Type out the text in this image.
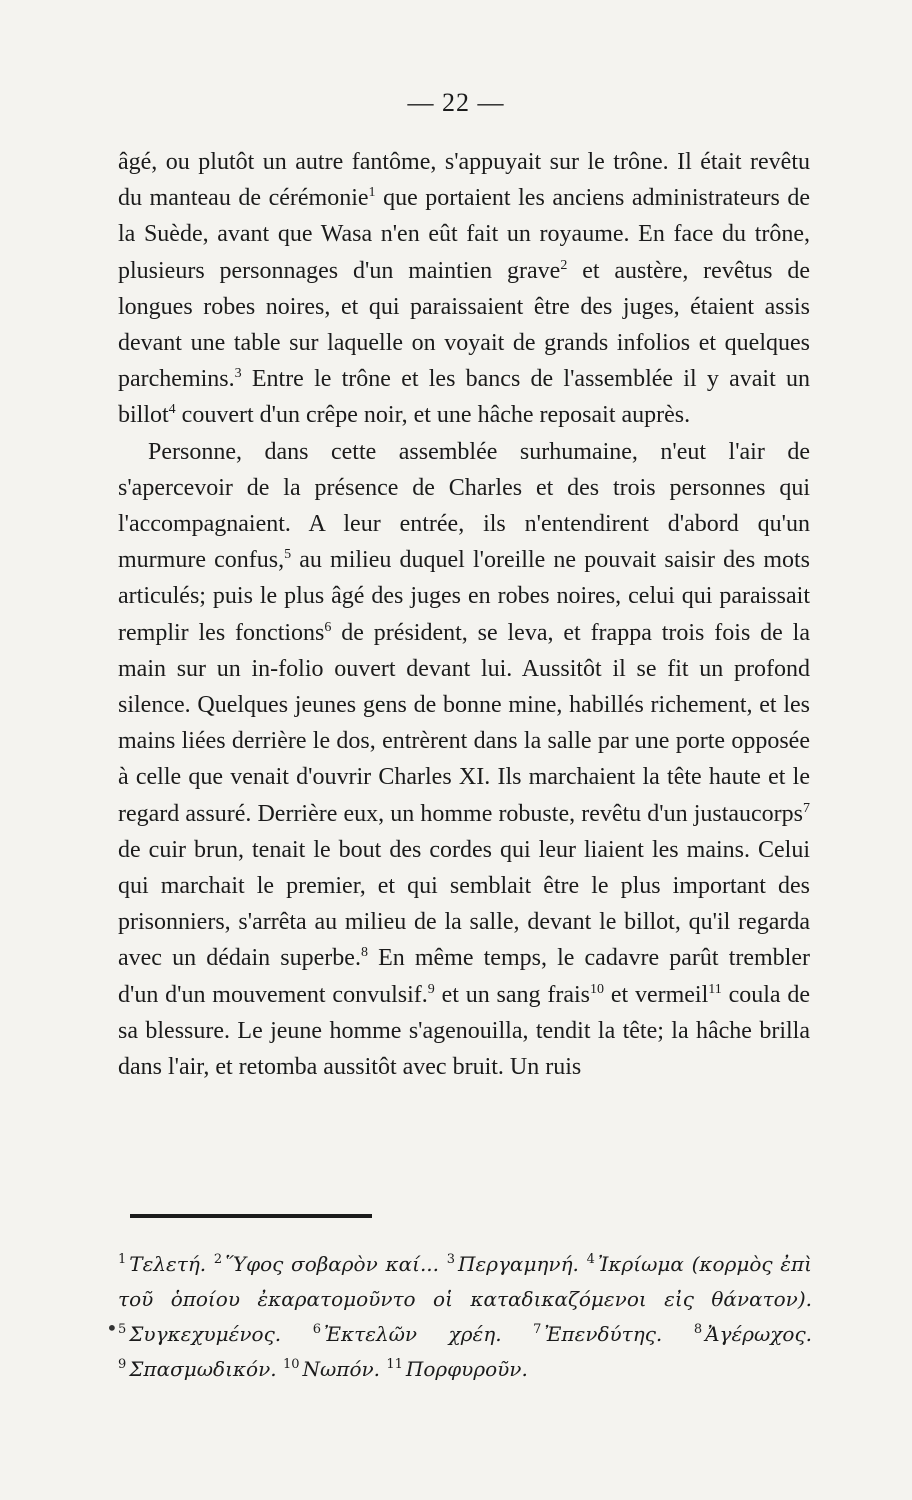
— 22 —

âgé, ou plutôt un autre fantôme, s'appuyait sur le trône. Il était revêtu du manteau de cérémonie$^1$ que portaient les anciens administrateurs de la Suède, avant que Wasa n'en eût fait un royaume. En face du trône, plusieurs personnages d'un maintien grave$^2$ et austère, revêtus de longues robes noires, et qui paraissaient être des juges, étaient assis devant une table sur laquelle on voyait de grands infolios et quelques parchemins.$^3$ Entre le trône et les bancs de l'assemblée il y avait un billot$^4$ couvert d'un crêpe noir, et une hâche reposait auprès.

Personne, dans cette assemblée surhumaine, n'eut l'air de s'apercevoir de la présence de Charles et des trois personnes qui l'accompagnaient. A leur entrée, ils n'entendirent d'abord qu'un murmure confus,$^5$ au milieu duquel l'oreille ne pouvait saisir des mots articulés; puis le plus âgé des juges en robes noires, celui qui paraissait remplir les fonctions$^6$ de président, se leva, et frappa trois fois de la main sur un in-folio ouvert devant lui. Aussitôt il se fit un profond silence. Quelques jeunes gens de bonne mine, habillés richement, et les mains liées derrière le dos, entrèrent dans la salle par une porte opposée à celle que venait d'ouvrir Charles XI. Ils marchaient la tête haute et le regard assuré. Derrière eux, un homme robuste, revêtu d'un justaucorps$^7$ de cuir brun, tenait le bout des cordes qui leur liaient les mains. Celui qui marchait le premier, et qui semblait être le plus important des prisonniers, s'arrêta au milieu de la salle, devant le billot, qu'il regarda avec un dédain superbe.$^8$ En même temps, le cadavre parût trembler d'un d'un mouvement convulsif.$^9$ et un sang frais$^{10}$ et vermeil$^{11}$ coula de sa blessure. Le jeune homme s'agenouilla, tendit la tête; la hâche brilla dans l'air, et retomba aussitôt avec bruit. Un ruis

•
$^1$ Τελετή. $^2$ Ὕφος σοβαρὸν καί... $^3$ Περγαμηνή. $^4$ Ἰκρίωμα (κορμὸς ἐπὶ τοῦ ὁποίου ἐκαρατομοῦντο οἱ καταδικαζόμενοι εἰς θάνατον). $^5$ Συγκεχυμένος. $^6$ Ἐκτελῶν χρέη. $^7$ Ἐπενδύτης. $^8$ Ἀγέρωχος. $^9$ Σπασμωδικόν. $^{10}$ Νωπόν. $^{11}$ Πορφυροῦν.
